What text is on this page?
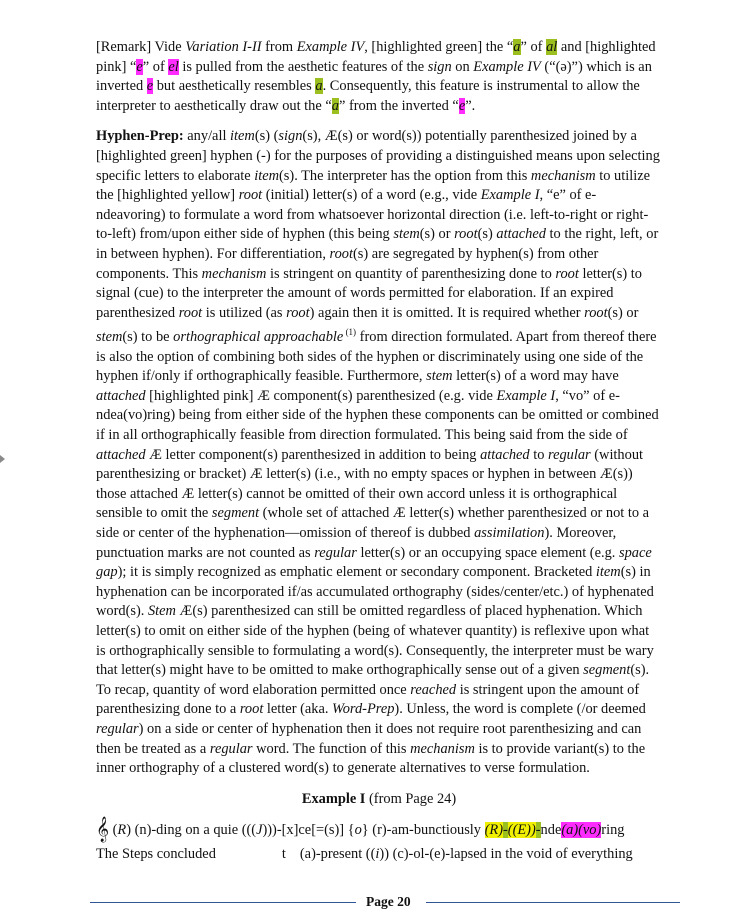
[Remark] Vide Variation I-II from Example IV, [highlighted green] the “a” of al and [highlighted pink] “e” of el is pulled from the aesthetic features of the sign on Example IV (“(ə)”) which is an inverted e but aesthetically resembles a. Consequently, this feature is instrumental to allow the interpreter to aesthetically draw out the “a” from the inverted “e”.

Hyphen-Prep: any/all item(s) (sign(s), Æ(s) or word(s)) potentially parenthesized joined by a [highlighted green] hyphen (-) for the purposes of providing a distinguished means upon selecting specific letters to elaborate item(s). The interpreter has the option from this mechanism to utilize the [highlighted yellow] root (initial) letter(s) of a word (e.g., vide Example I, “e” of e-ndeavoring) to formulate a word from whatsoever horizontal direction (i.e. left-to-right or right-to-left) from/upon either side of hyphen (this being stem(s) or root(s) attached to the right, left, or in between hyphen). For differentiation, root(s) are segregated by hyphen(s) from other components. This mechanism is stringent on quantity of parenthesizing done to root letter(s) to signal (cue) to the interpreter the amount of words permitted for elaboration. If an expired parenthesized root is utilized (as root) again then it is omitted. It is required whether root(s) or stem(s) to be orthographical approachable $^{(1)}$ from direction formulated. Apart from thereof there is also the option of combining both sides of the hyphen or discriminately using one side of the hyphen if/only if orthographically feasible. Furthermore, stem letter(s) of a word may have attached [highlighted pink] Æ component(s) parenthesized (e.g. vide Example I, “vo” of e-ndea(vo)ring) being from either side of the hyphen these components can be omitted or combined if in all orthographically feasible from direction formulated. This being said from the side of attached Æ letter component(s) parenthesized in addition to being attached to regular (without parenthesizing or bracket) Æ letter(s) (i.e., with no empty spaces or hyphen in between Æ(s)) those attached Æ letter(s) cannot be omitted of their own accord unless it is orthographical sensible to omit the segment (whole set of attached Æ letter(s) whether parenthesized or not to a side or center of the hyphenation—omission of thereof is dubbed assimilation). Moreover, punctuation marks are not counted as regular letter(s) or an occupying space element (e.g. space gap); it is simply recognized as emphatic element or secondary component. Bracketed item(s) in hyphenation can be incorporated if/as accumulated orthography (sides/center/etc.) of hyphenated word(s). Stem Æ(s) parenthesized can still be omitted regardless of placed hyphenation. Which letter(s) to omit on either side of the hyphen (being of whatever quantity) is reflexive upon what is orthographically sensible to formulating a word(s). Consequently, the interpreter must be wary that letter(s) might have to be omitted to make orthographically sense out of a given segment(s). To recap, quantity of word elaboration permitted once reached is stringent upon the amount of parenthesizing done to a root letter (aka. Word-Prep). Unless, the word is complete (/or deemed regular) on a side or center of hyphenation then it does not require root parenthesizing and can then be treated as a regular word. The function of this mechanism is to provide variant(s) to the inner orthography of a clustered word(s) to generate alternatives to verse formulation.

Example I (from Page 24)
𝄞 (R) (n)-ding on a quie (((J)))-[x]ce[=(s)] {o} (r)-am-bunctiously (R)-((E))-nde(a)(vo)ring
The Steps concluded	t (a)-present ((i)) (c)-ol-(e)-lapsed in the void of everything
Page 20
